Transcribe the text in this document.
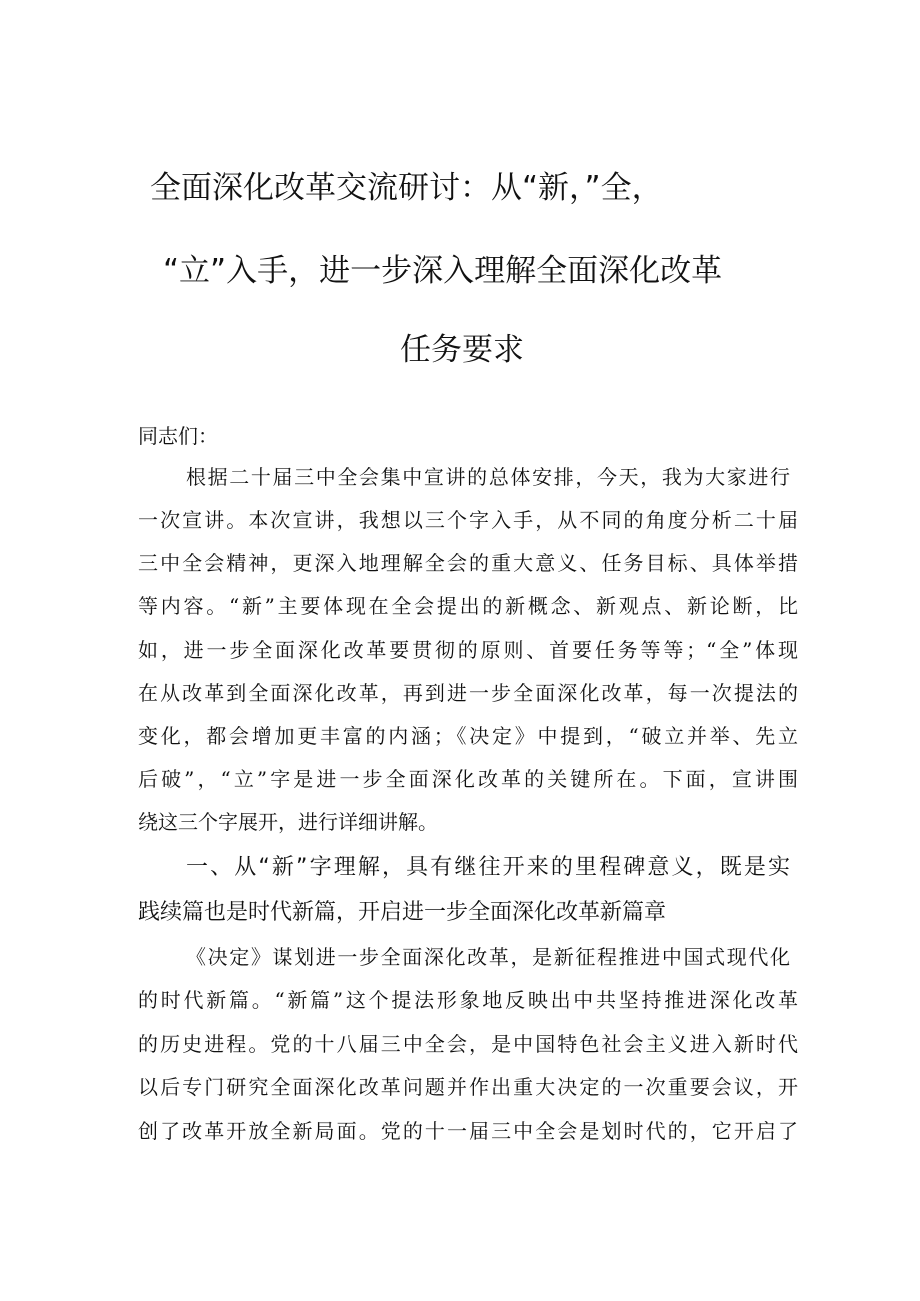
全面深化改革交流研讨：从“新，”全，
“立”入手，进一步深入理解全面深化改革
任务要求
同志们：
根据二十届三中全会集中宣讲的总体安排，今天，我为大家进行
一次宣讲。本次宣讲，我想以三个字入手，从不同的角度分析二十届
三中全会精神，更深入地理解全会的重大意义、任务目标、具体举措
等内容。“新”主要体现在全会提出的新概念、新观点、新论断，比
如，进一步全面深化改革要贯彻的原则、首要任务等等；“全”体现
在从改革到全面深化改革，再到进一步全面深化改革，每一次提法的
变化，都会增加更丰富的内涵；《决定》中提到，“破立并举、先立
后破”，“立”字是进一步全面深化改革的关键所在。下面，宣讲围
绕这三个字展开，进行详细讲解。
一、从“新”字理解，具有继往开来的里程碑意义，既是实
践续篇也是时代新篇，开启进一步全面深化改革新篇章
《决定》谋划进一步全面深化改革，是新征程推进中国式现代化
的时代新篇。“新篇”这个提法形象地反映出中共坚持推进深化改革
的历史进程。党的十八届三中全会，是中国特色社会主义进入新时代
以后专门研究全面深化改革问题并作出重大决定的一次重要会议，开
创了改革开放全新局面。党的十一届三中全会是划时代的，它开启了
